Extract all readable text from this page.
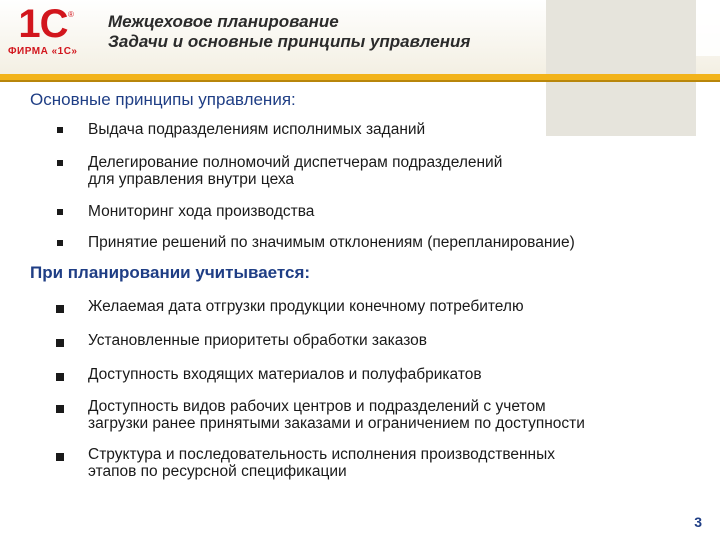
1С ®
ФИРМА «1С»
Межцеховое планирование
Задачи и основные принципы управления
Основные принципы управления:
Выдача подразделениям исполнимых заданий
Делегирование полномочий диспетчерам подразделений
для управления внутри цеха
Мониторинг хода производства
Принятие решений по значимым отклонениям (перепланирование)
При планировании учитывается:
Желаемая дата отгрузки продукции конечному потребителю
Установленные приоритеты обработки заказов
Доступность входящих материалов и полуфабрикатов
Доступность видов рабочих центров и подразделений с учетом
загрузки ранее принятыми заказами и ограничением по доступности
Структура и последовательность исполнения производственных
этапов по ресурсной спецификации
3
